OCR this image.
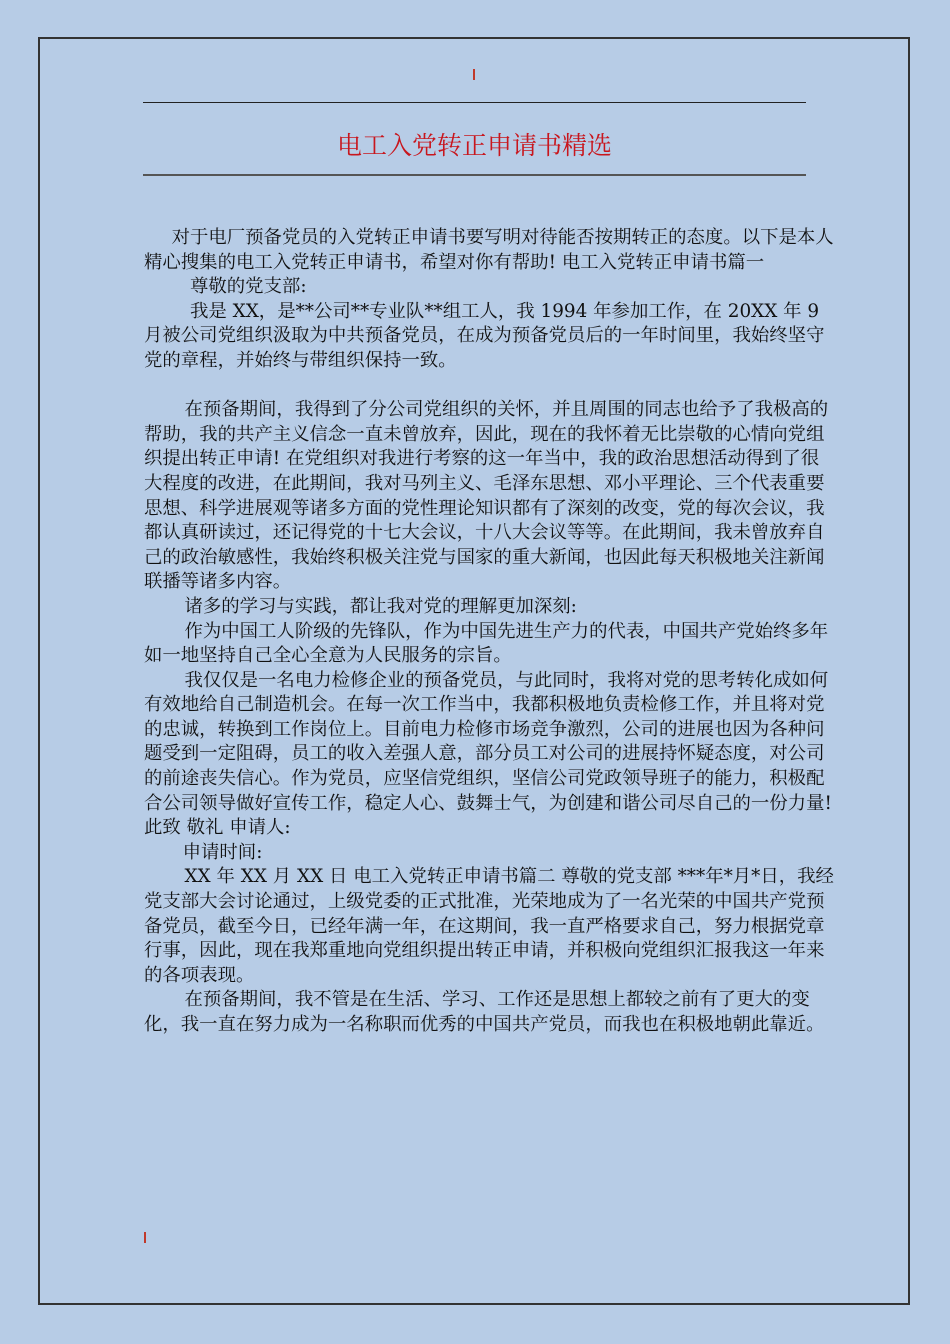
电工入党转正申请书精选

对于电厂预备党员的入党转正申请书要写明对待能否按期转正的态度。以下是本人精心搜集的电工入党转正申请书，希望对你有帮助! 电工入党转正申请书篇一

尊敬的党支部:

我是 XX，是**公司**专业队**组工人，我 1994 年参加工作，在 20XX 年 9 月被公司党组织汲取为中共预备党员，在成为预备党员后的一年时间里，我始终坚守党的章程，并始终与带组织保持一致。

在预备期间，我得到了分公司党组织的关怀，并且周围的同志也给予了我极高的帮助，我的共产主义信念一直未曾放弃，因此，现在的我怀着无比崇敬的心情向党组织提出转正申请! 在党组织对我进行考察的这一年当中，我的政治思想活动得到了很大程度的改进，在此期间，我对马列主义、毛泽东思想、邓小平理论、三个代表重要思想、科学进展观等诸多方面的党性理论知识都有了深刻的改变，党的每次会议，我都认真研读过，还记得党的十七大会议，十八大会议等等。在此期间，我未曾放弃自己的政治敏感性，我始终积极关注党与国家的重大新闻，也因此每天积极地关注新闻联播等诸多内容。

诸多的学习与实践，都让我对党的理解更加深刻:

作为中国工人阶级的先锋队，作为中国先进生产力的代表，中国共产党始终多年如一地坚持自己全心全意为人民服务的宗旨。

我仅仅是一名电力检修企业的预备党员，与此同时，我将对党的思考转化成如何有效地给自己制造机会。在每一次工作当中，我都积极地负责检修工作，并且将对党的忠诚，转换到工作岗位上。目前电力检修市场竞争激烈，公司的进展也因为各种问题受到一定阻碍，员工的收入差强人意，部分员工对公司的进展持怀疑态度，对公司的前途丧失信心。作为党员，应坚信党组织，坚信公司党政领导班子的能力，积极配合公司领导做好宣传工作，稳定人心、鼓舞士气，为创建和谐公司尽自己的一份力量! 此致 敬礼 申请人:

申请时间:

XX 年 XX 月 XX 日 电工入党转正申请书篇二 尊敬的党支部 ***年*月*日，我经党支部大会讨论通过，上级党委的正式批准，光荣地成为了一名光荣的中国共产党预备党员，截至今日，已经年满一年，在这期间，我一直严格要求自己，努力根据党章行事，因此，现在我郑重地向党组织提出转正申请，并积极向党组织汇报我这一年来的各项表现。

在预备期间，我不管是在生活、学习、工作还是思想上都较之前有了更大的变化，我一直在努力成为一名称职而优秀的中国共产党员，而我也在积极地朝此靠近。
